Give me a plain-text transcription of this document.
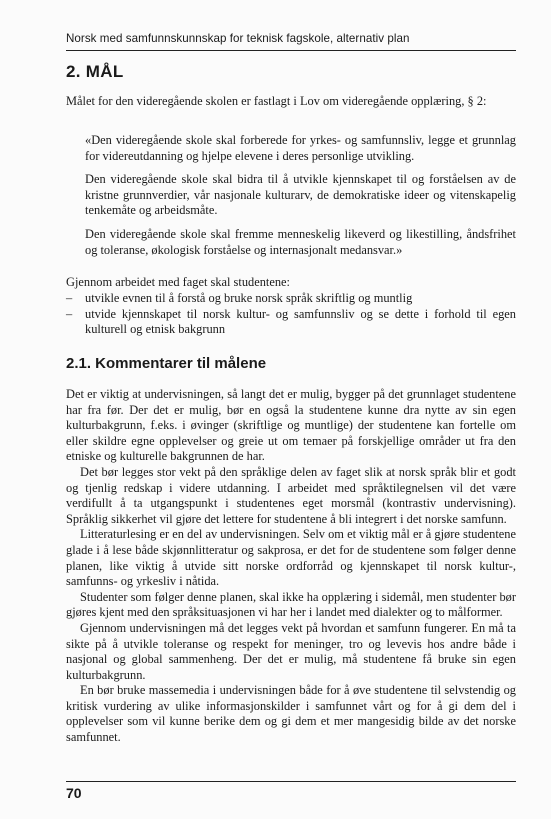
Norsk med samfunnskunnskap for teknisk fagskole, alternativ plan
2. MÅL

Målet for den videregående skolen er fastlagt i Lov om videregående opplæring, § 2:

«Den videregående skole skal forberede for yrkes- og samfunnsliv, legge et grunnlag for videreutdanning og hjelpe elevene i deres personlige utvikling.

Den videregående skole skal bidra til å utvikle kjennskapet til og forståelsen av de kristne grunnverdier, vår nasjonale kulturarv, de demokratiske ideer og vitenskapelig tenkemåte og arbeidsmåte.

Den videregående skole skal fremme menneskelig likeverd og likestilling, åndsfrihet og toleranse, økologisk forståelse og internasjonalt medansvar.»

Gjennom arbeidet med faget skal studentene:

–	utvikle evnen til å forstå og bruke norsk språk skriftlig og muntlig
–	utvide kjennskapet til norsk kultur- og samfunnsliv og se dette i forhold til egen kulturell og etnisk bakgrunn
2.1. Kommentarer til målene

Det er viktig at undervisningen, så langt det er mulig, bygger på det grunnlaget studentene har fra før. Der det er mulig, bør en også la studentene kunne dra nytte av sin egen kulturbakgrunn, f.eks. i øvinger (skriftlige og muntlige) der studentene kan fortelle om eller skildre egne opplevelser og greie ut om temaer på forskjellige områder ut fra den etniske og kulturelle bakgrunnen de har.

Det bør legges stor vekt på den språklige delen av faget slik at norsk språk blir et godt og tjenlig redskap i videre utdanning. I arbeidet med språktilegnelsen vil det være verdifullt å ta utgangspunkt i studentenes eget morsmål (kontrastiv undervisning). Språklig sikkerhet vil gjøre det lettere for studentene å bli integrert i det norske samfunn.

Litteraturlesing er en del av undervisningen. Selv om et viktig mål er å gjøre studentene glade i å lese både skjønnlitteratur og sakprosa, er det for de studentene som følger denne planen, like viktig å utvide sitt norske ordforråd og kjennskapet til norsk kultur-, samfunns- og yrkesliv i nåtida.

Studenter som følger denne planen, skal ikke ha opplæring i sidemål, men studenter bør gjøres kjent med den språksituasjonen vi har her i landet med dialekter og to målformer.

Gjennom undervisningen må det legges vekt på hvordan et samfunn fungerer. En må ta sikte på å utvikle toleranse og respekt for meninger, tro og levevis hos andre både i nasjonal og global sammenheng. Der det er mulig, må studentene få bruke sin egen kulturbakgrunn.

En bør bruke massemedia i undervisningen både for å øve studentene til selvstendig og kritisk vurdering av ulike informasjonskilder i samfunnet vårt og for å gi dem del i opplevelser som vil kunne berike dem og gi dem et mer mangesidig bilde av det norske samfunnet.

70
